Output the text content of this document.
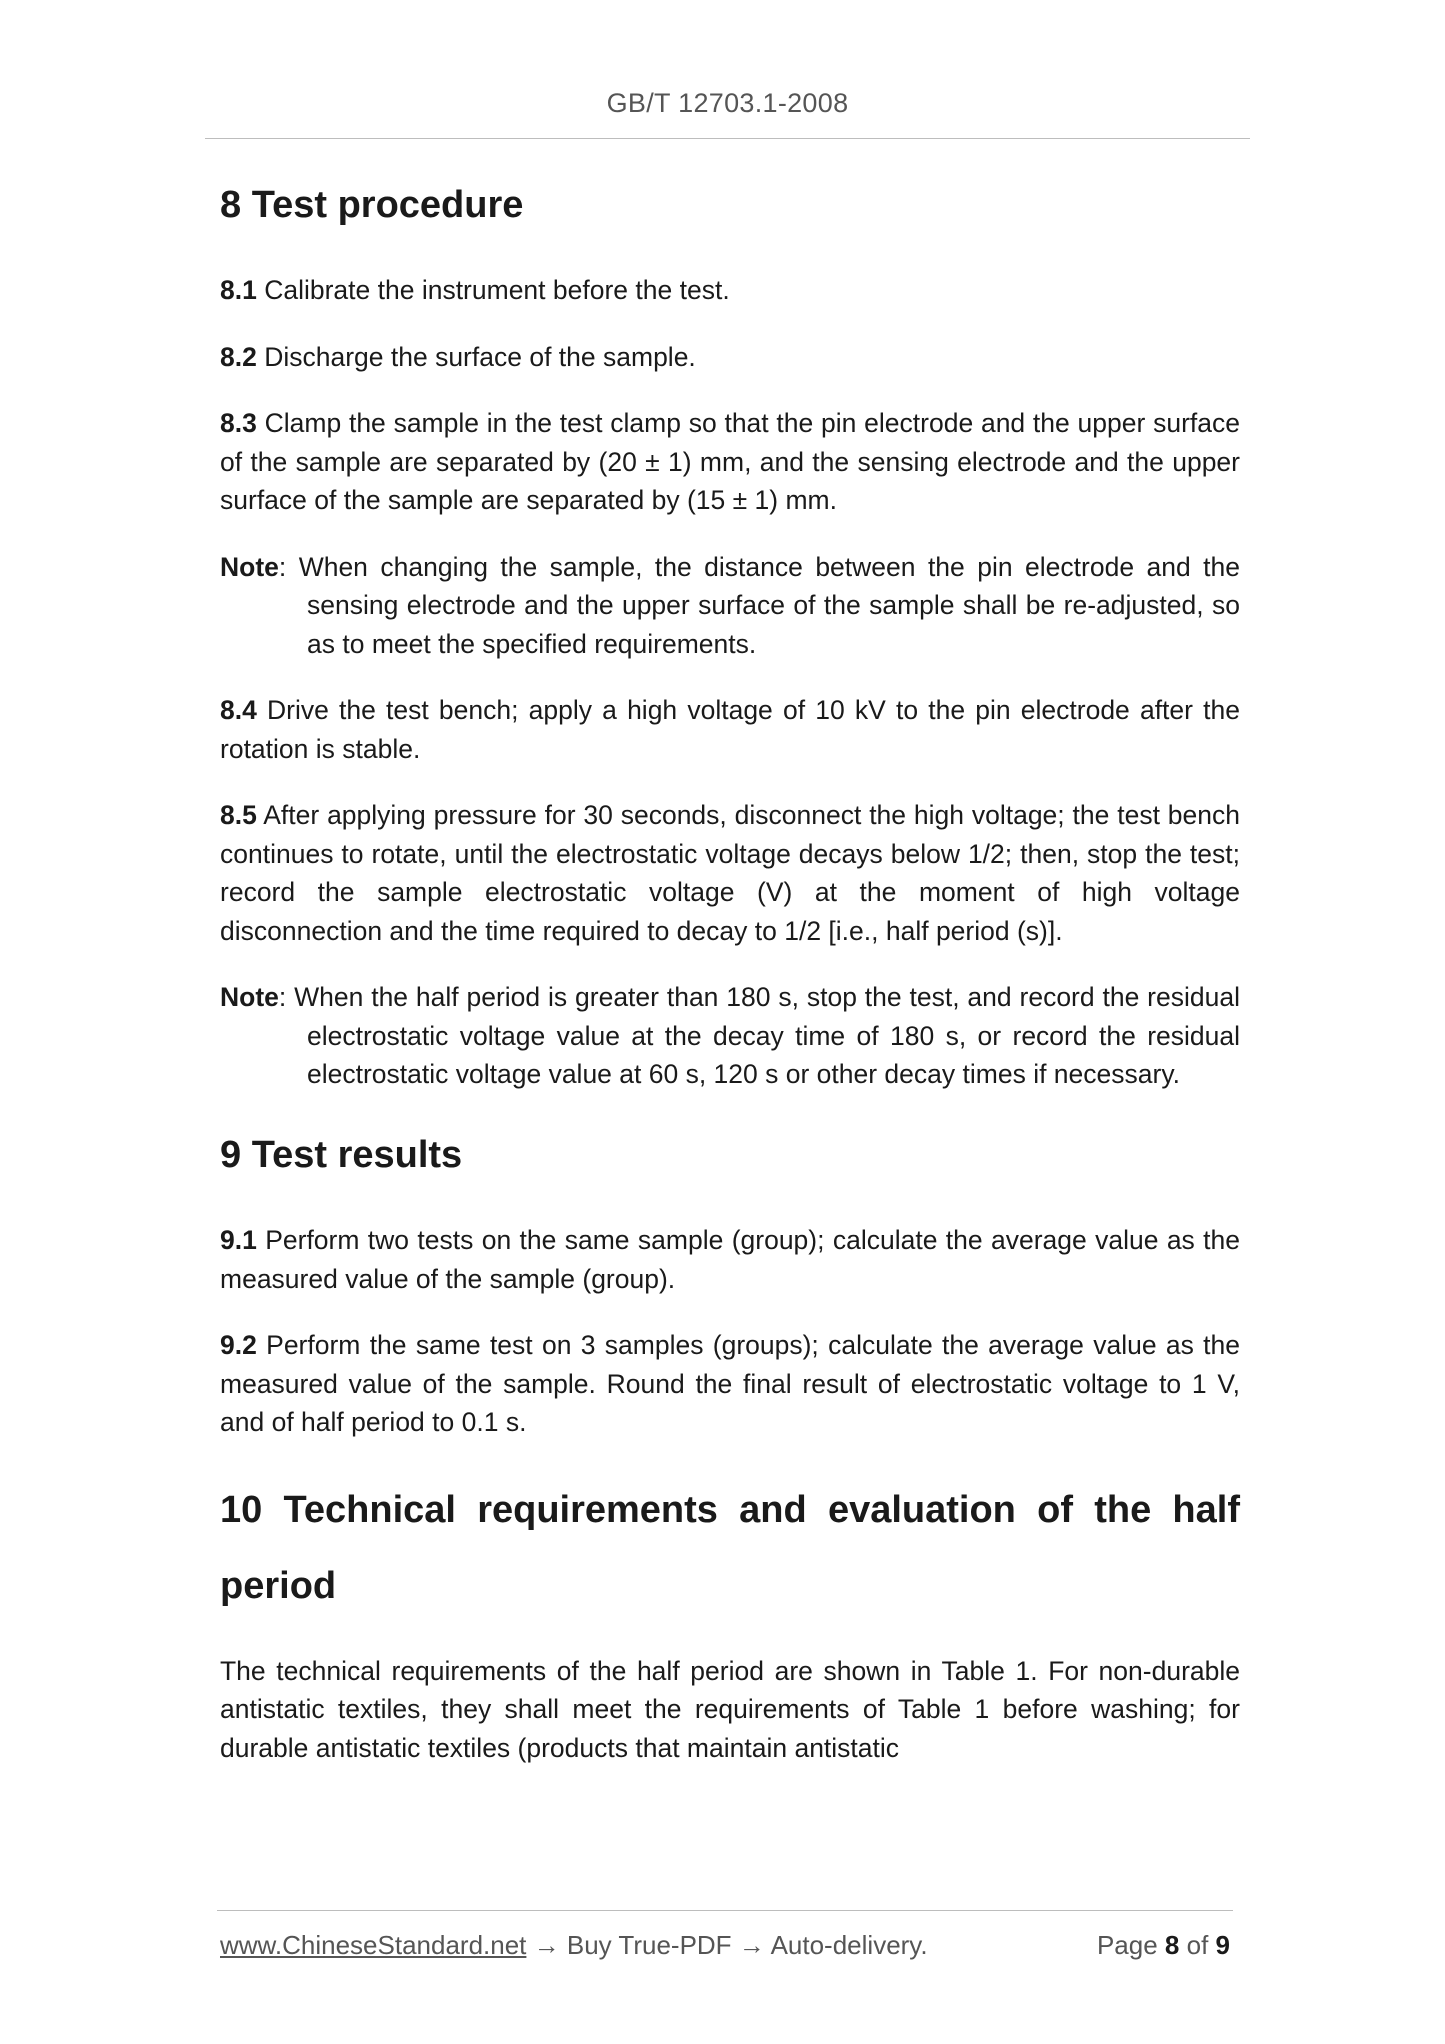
GB/T 12703.1-2008
8 Test procedure

8.1 Calibrate the instrument before the test.

8.2 Discharge the surface of the sample.

8.3 Clamp the sample in the test clamp so that the pin electrode and the upper surface of the sample are separated by (20 ± 1) mm, and the sensing electrode and the upper surface of the sample are separated by (15 ± 1) mm.

Note: When changing the sample, the distance between the pin electrode and the sensing electrode and the upper surface of the sample shall be re-adjusted, so as to meet the specified requirements.

8.4 Drive the test bench; apply a high voltage of 10 kV to the pin electrode after the rotation is stable.

8.5 After applying pressure for 30 seconds, disconnect the high voltage; the test bench continues to rotate, until the electrostatic voltage decays below 1/2; then, stop the test; record the sample electrostatic voltage (V) at the moment of high voltage disconnection and the time required to decay to 1/2 [i.e., half period (s)].

Note: When the half period is greater than 180 s, stop the test, and record the residual electrostatic voltage value at the decay time of 180 s, or record the residual electrostatic voltage value at 60 s, 120 s or other decay times if necessary.

9 Test results

9.1 Perform two tests on the same sample (group); calculate the average value as the measured value of the sample (group).

9.2 Perform the same test on 3 samples (groups); calculate the average value as the measured value of the sample. Round the final result of electrostatic voltage to 1 V, and of half period to 0.1 s.

10 Technical requirements and evaluation of the half period

The technical requirements of the half period are shown in Table 1. For non-durable antistatic textiles, they shall meet the requirements of Table 1 before washing; for durable antistatic textiles (products that maintain antistatic

www.ChineseStandard.net → Buy True-PDF → Auto-delivery.	Page 8 of 9
